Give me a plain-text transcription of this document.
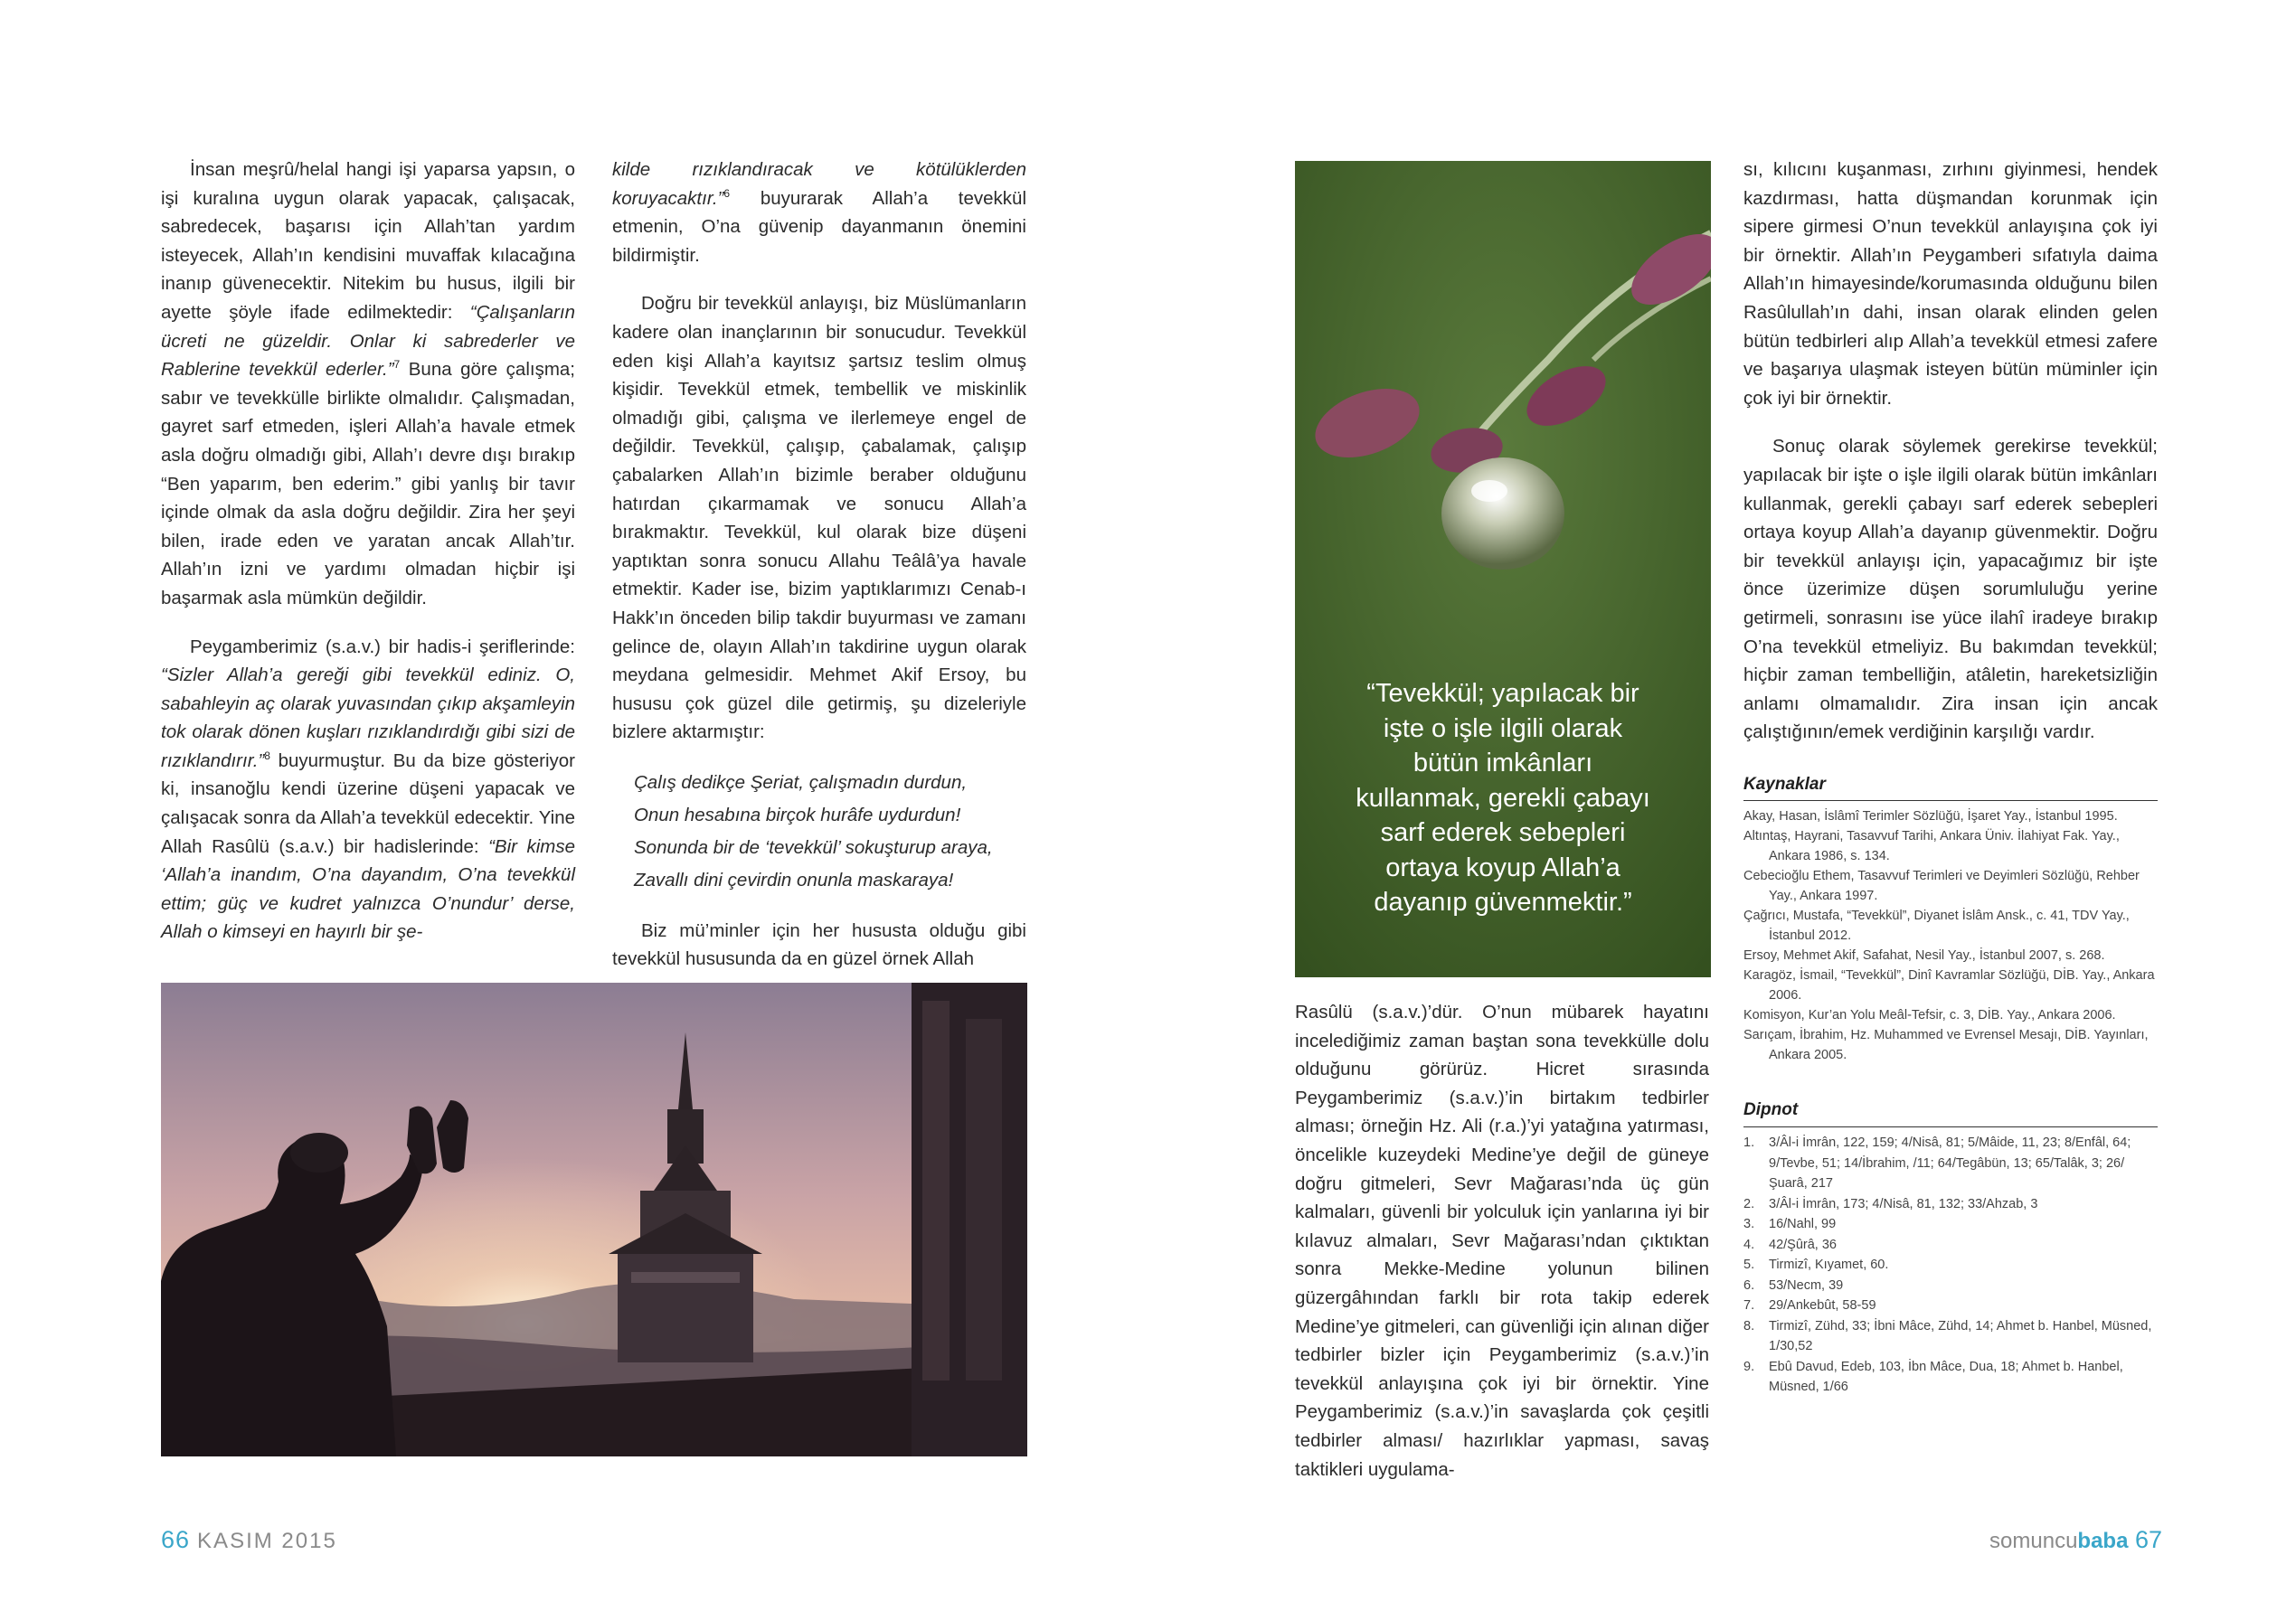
İnsan meşrû/helal hangi işi yaparsa yapsın, o işi kuralına uygun olarak yapacak, çalışacak, sabredecek, başarısı için Allah’tan yardım isteyecek, Allah’ın kendisini muvaffak kılacağına inanıp güvenecektir. Nitekim bu husus, ilgili bir ayette şöyle ifade edilmektedir: “Çalışanların ücreti ne güzeldir. Onlar ki sabrederler ve Rablerine tevekkül ederler.”$^7$ Buna göre çalışma; sabır ve tevekkülle birlikte olmalıdır. Çalışmadan, gayret sarf etmeden, işleri Allah’a havale etmek asla doğru olmadığı gibi, Allah’ı devre dışı bırakıp “Ben yaparım, ben ederim.” gibi yanlış bir tavır içinde olmak da asla doğru değildir. Zira her şeyi bilen, irade eden ve yaratan ancak Allah’tır. Allah’ın izni ve yardımı olmadan hiçbir işi başarmak asla mümkün değildir.

Peygamberimiz (s.a.v.) bir hadis-i şeriflerinde: “Sizler Allah’a gereği gibi tevekkül ediniz. O, sabahleyin aç olarak yuvasından çıkıp akşamleyin tok olarak dönen kuşları rızıklandırdığı gibi sizi de rızıklandırır.”$^8$ buyurmuştur. Bu da bize gösteriyor ki, insanoğlu kendi üzerine düşeni yapacak ve çalışacak sonra da Allah’a tevekkül edecektir. Yine Allah Rasûlü (s.a.v.) bir hadislerinde: “Bir kimse ‘Allah’a inandım, O’na dayandım, O’na tevekkül ettim; güç ve kudret yalnızca O’nundur’ derse, Allah o kimseyi en hayırlı bir şe-

kilde rızıklandıracak ve kötülüklerden koruyacaktır.”$^6$ buyurarak Allah’a tevekkül etmenin, O’na güvenip dayanmanın önemini bildirmiştir.

Doğru bir tevekkül anlayışı, biz Müslümanların kadere olan inançlarının bir sonucudur. Tevekkül eden kişi Allah’a kayıtsız şartsız teslim olmuş kişidir. Tevekkül etmek, tembellik ve miskinlik olmadığı gibi, çalışma ve ilerlemeye engel de değildir. Tevekkül, çalışıp, çabalamak, çalışıp çabalarken Allah’ın bizimle beraber olduğunu hatırdan çıkarmamak ve sonucu Allah’a bırakmaktır. Tevekkül, kul olarak bize düşeni yaptıktan sonra sonucu Allahu Teâlâ’ya havale etmektir. Kader ise, bizim yaptıklarımızı Cenab-ı Hakk’ın önceden bilip takdir buyurması ve zamanı gelince de, olayın Allah’ın takdirine uygun olarak meydana gelmesidir. Mehmet Akif Ersoy, bu hususu çok güzel dile getirmiş, şu dizeleriyle bizlere aktarmıştır:

Çalış dedikçe Şeriat, çalışmadın durdun,
Onun hesabına birçok hurâfe uydurdun!
Sonunda bir de ‘tevekkül’ sokuşturup araya,
Zavallı dini çevirdin onunla maskaraya!

Biz mü’minler için her hususta olduğu gibi tevekkül hususunda da en güzel örnek Allah

“Tevekkül; yapılacak bir işte o işle ilgili olarak bütün imkânları kullanmak, gerekli çabayı sarf ederek sebepleri ortaya koyup Allah’a dayanıp güvenmektir.”

Rasûlü (s.a.v.)’dür. O’nun mübarek hayatını incelediğimiz zaman baştan sona tevekkülle dolu olduğunu görürüz. Hicret sırasında Peygamberimiz (s.a.v.)’in birtakım tedbirler alması; örneğin Hz. Ali (r.a.)’yi yatağına yatırması, öncelikle kuzeydeki Medine’ye değil de güneye doğru gitmeleri, Sevr Mağarası’nda üç gün kalmaları, güvenli bir yolculuk için yanlarına iyi bir kılavuz almaları, Sevr Mağarası’ndan çıktıktan sonra Mekke-Medine yolunun bilinen güzergâhından farklı bir rota takip ederek Medine’ye gitmeleri, can güvenliği için alınan diğer tedbirler bizler için Peygamberimiz (s.a.v.)’in tevekkül anlayışına çok iyi bir örnektir. Yine Peygamberimiz (s.a.v.)’in savaşlarda çok çeşitli tedbirler alması/ hazırlıklar yapması, savaş taktikleri uygulama-

sı, kılıcını kuşanması, zırhını giyinmesi, hendek kazdırması, hatta düşmandan korunmak için sipere girmesi O’nun tevekkül anlayışına çok iyi bir örnektir. Allah’ın Peygamberi sıfatıyla daima Allah’ın himayesinde/korumasında olduğunu bilen Rasûlullah’ın dahi, insan olarak elinden gelen bütün tedbirleri alıp Allah’a tevekkül etmesi zafere ve başarıya ulaşmak isteyen bütün müminler için çok iyi bir örnektir.

Sonuç olarak söylemek gerekirse tevekkül; yapılacak bir işte o işle ilgili olarak bütün imkânları kullanmak, gerekli çabayı sarf ederek sebepleri ortaya koyup Allah’a dayanıp güvenmektir. Doğru bir tevekkül anlayışı için, yapacağımız bir işte önce üzerimize düşen sorumluluğu yerine getirmeli, sonrasını ise yüce ilahî iradeye bırakıp O’na tevekkül etmeliyiz. Bu bakımdan tevekkül; hiçbir zaman tembelliğin, atâletin, hareketsizliğin anlamı olmamalıdır. Zira insan için ancak çalıştığının/emek verdiğinin karşılığı vardır.

Kaynaklar
Akay, Hasan, İslâmî Terimler Sözlüğü, İşaret Yay., İstanbul 1995.
Altıntaş, Hayrani, Tasavvuf Tarihi, Ankara Üniv. İlahiyat Fak. Yay., Ankara 1986, s. 134.
Cebecioğlu Ethem, Tasavvuf Terimleri ve Deyimleri Sözlüğü, Rehber Yay., Ankara 1997.
Çağrıcı, Mustafa, “Tevekkül”, Diyanet İslâm Ansk., c. 41, TDV Yay., İstanbul 2012.
Ersoy, Mehmet Akif, Safahat, Nesil Yay., İstanbul 2007, s. 268.
Karagöz, İsmail, “Tevekkül”, Dinî Kavramlar Sözlüğü, DİB. Yay., Ankara 2006.
Komisyon, Kur’an Yolu Meâl-Tefsir, c. 3, DİB. Yay., Ankara 2006.
Sarıçam, İbrahim, Hz. Muhammed ve Evrensel Mesajı, DİB. Yayınları, Ankara 2005.
Dipnot
1. 3/Âl-i İmrân, 122, 159; 4/Nisâ, 81; 5/Mâide, 11, 23; 8/Enfâl, 64; 9/Tevbe, 51; 14/İbrahim, /11; 64/Tegâbün, 13; 65/Talâk, 3; 26/Şuarâ, 217
2. 3/Âl-i İmrân, 173; 4/Nisâ, 81, 132; 33/Ahzab, 3
3. 16/Nahl, 99
4. 42/Şûrâ, 36
5. Tirmizî, Kıyamet, 60.
6. 53/Necm, 39
7. 29/Ankebût, 58-59
8. Tirmizî, Zühd, 33; İbni Mâce, Zühd, 14; Ahmet b. Hanbel, Müsned, 1/30,52
9. Ebû Davud, Edeb, 103, İbn Mâce, Dua, 18; Ahmet b. Hanbel, Müsned, 1/66
66 KASIM 2015	somuncubaba 67
